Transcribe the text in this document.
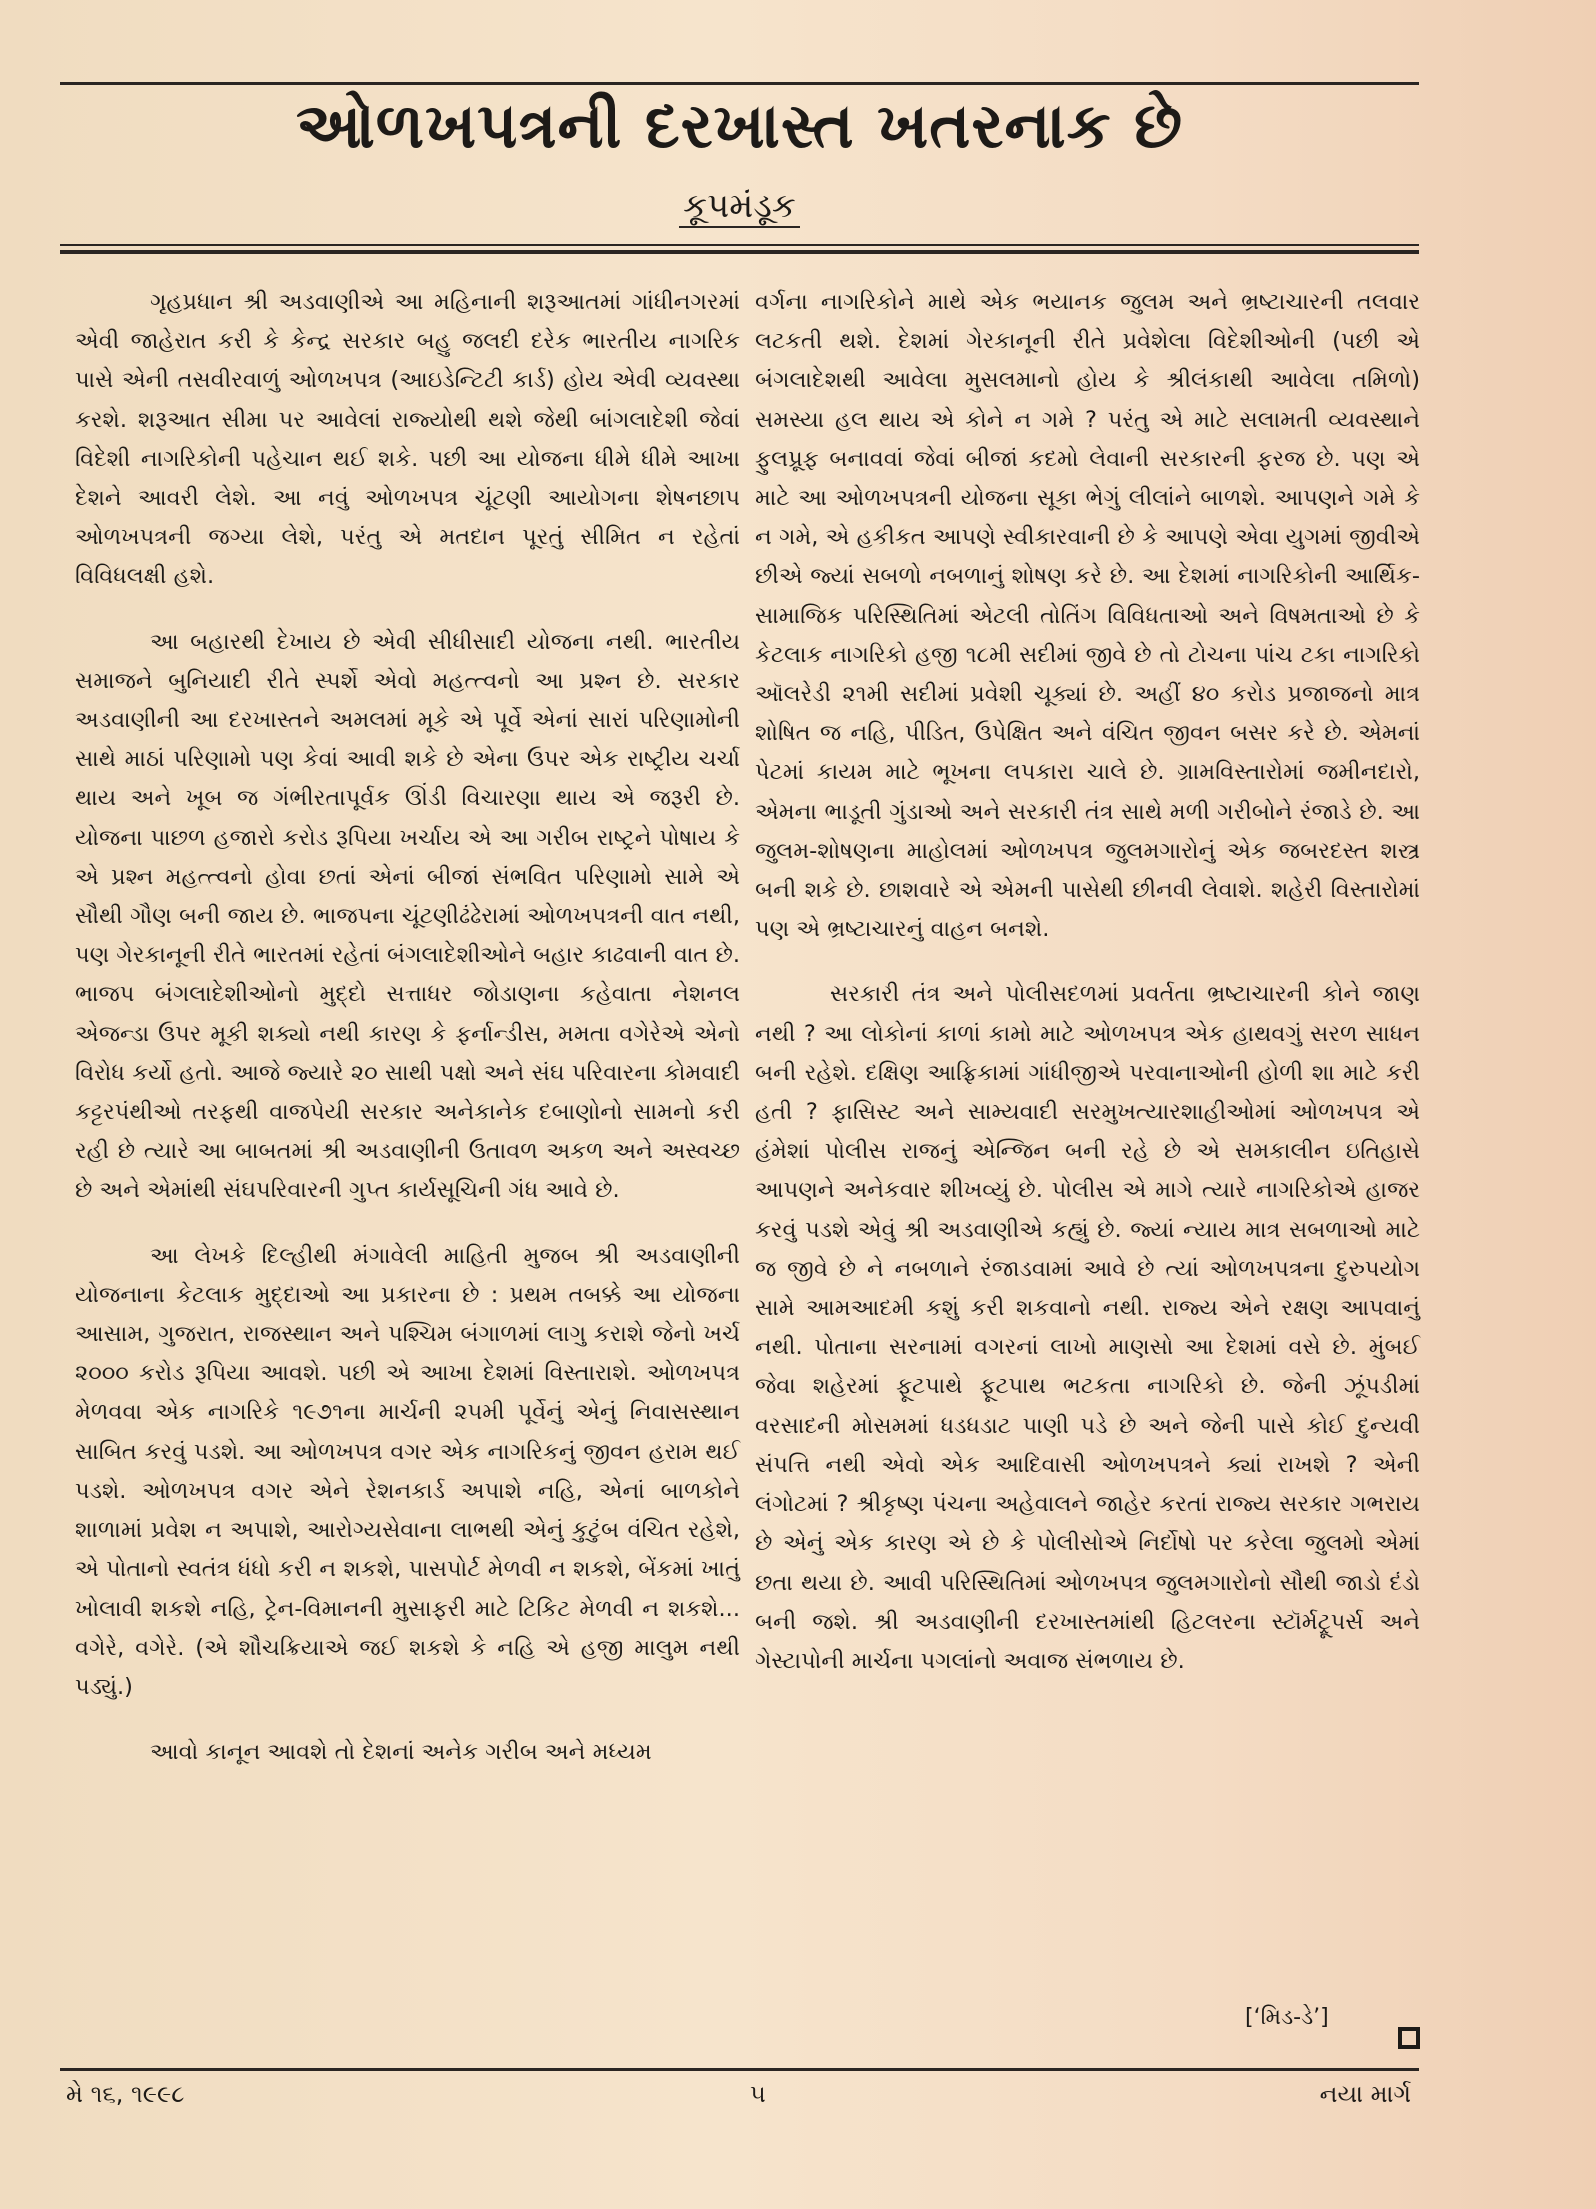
ઓળખપત્રની દરખાસ્ત ખતરનાક છે
કૂપમંડૂક

ગૃહપ્રધાન શ્રી અડવાણીએ આ મહિનાની શરૂઆતમાં ગાંધીનગરમાં એવી જાહેરાત કરી કે કેન્દ્ર સરકાર બહુ જલદી દરેક ભારતીય નાગરિક પાસે એની તસવીરવાળું ઓળખપત્ર (આઇડેન્ટિટી કાર્ડ) હોય એવી વ્યવસ્થા કરશે. શરૂઆત સીમા પર આવેલાં રાજ્યોથી થશે જેથી બાંગલાદેશી જેવાં વિદેશી નાગરિકોની પહેચાન થઈ શકે. પછી આ યોજના ધીમે ધીમે આખા દેશને આવરી લેશે. આ નવું ઓળખપત્ર ચૂંટણી આયોગના શેષનછાપ ઓળખપત્રની જગ્યા લેશે, પરંતુ એ મતદાન પૂરતું સીમિત ન રહેતાં વિવિધલક્ષી હશે.

આ બહારથી દેખાય છે એવી સીધીસાદી યોજના નથી. ભારતીય સમાજને બુનિયાદી રીતે સ્પર્શે એવો મહત્ત્વનો આ પ્રશ્ન છે. સરકાર અડવાણીની આ દરખાસ્તને અમલમાં મૂકે એ પૂર્વે એનાં સારાં પરિણામોની સાથે માઠાં પરિણામો પણ કેવાં આવી શકે છે એના ઉપર એક રાષ્ટ્રીય ચર્ચા થાય અને ખૂબ જ ગંભીરતાપૂર્વક ઊંડી વિચારણા થાય એ જરૂરી છે. યોજના પાછળ હજારો કરોડ રૂપિયા ખર્ચાય એ આ ગરીબ રાષ્ટ્રને પોષાય કે એ પ્રશ્ન મહત્ત્વનો હોવા છતાં એનાં બીજાં સંભવિત પરિણામો સામે એ સૌથી ગૌણ બની જાય છે. ભાજપના ચૂંટણીઢંઢેરામાં ઓળખપત્રની વાત નથી, પણ ગેરકાનૂની રીતે ભારતમાં રહેતાં બંગલાદેશીઓને બહાર કાઢવાની વાત છે. ભાજપ બંગલાદેશીઓનો મુદ્દો સત્તાધર જોડાણના કહેવાતા નેશનલ એજન્ડા ઉપર મૂકી શક્યો નથી કારણ કે ફર્નાન્ડીસ, મમતા વગેરેએ એનો વિરોધ કર્યો હતો. આજે જ્યારે ૨૦ સાથી પક્ષો અને સંઘ પરિવારના કોમવાદી કટ્ટરપંથીઓ તરફથી વાજપેયી સરકાર અનેકાનેક દબાણોનો સામનો કરી રહી છે ત્યારે આ બાબતમાં શ્રી અડવાણીની ઉતાવળ અકળ અને અસ્વચ્છ છે અને એમાંથી સંઘપરિવારની ગુપ્ત કાર્યસૂચિની ગંધ આવે છે.

આ લેખકે દિલ્હીથી મંગાવેલી માહિતી મુજબ શ્રી અડવાણીની યોજનાના કેટલાક મુદ્દાઓ આ પ્રકારના છે : પ્રથમ તબક્કે આ યોજના આસામ, ગુજરાત, રાજસ્થાન અને પશ્ચિમ બંગાળમાં લાગુ કરાશે જેનો ખર્ચ ૨૦૦૦ કરોડ રૂપિયા આવશે. પછી એ આખા દેશમાં વિસ્તારાશે. ઓળખપત્ર મેળવવા એક નાગરિકે ૧૯૭૧ના માર્ચની ૨૫મી પૂર્વેનું એનું નિવાસસ્થાન સાબિત કરવું પડશે. આ ઓળખપત્ર વગર એક નાગરિકનું જીવન હરામ થઈ પડશે. ઓળખપત્ર વગર એને રેશનકાર્ડ અપાશે નહિ, એનાં બાળકોને શાળામાં પ્રવેશ ન અપાશે, આરોગ્યસેવાના લાભથી એનું કુટુંબ વંચિત રહેશે, એ પોતાનો સ્વતંત્ર ધંધો કરી ન શકશે, પાસપોર્ટ મેળવી ન શકશે, બેંકમાં ખાતું ખોલાવી શકશે નહિ, ટ્રેન-વિમાનની મુસાફરી માટે ટિકિટ મેળવી ન શકશે... વગેરે, વગેરે. (એ શૌચક્રિયાએ જઈ શકશે કે નહિ એ હજી માલુમ નથી પડ્યું.)

આવો કાનૂન આવશે તો દેશનાં અનેક ગરીબ અને મધ્યમ

વર્ગના નાગરિકોને માથે એક ભયાનક જુલમ અને ભ્રષ્ટાચારની તલવાર લટકતી થશે. દેશમાં ગેરકાનૂની રીતે પ્રવેશેલા વિદેશીઓની (પછી એ બંગલાદેશથી આવેલા મુસલમાનો હોય કે શ્રીલંકાથી આવેલા તમિળો) સમસ્યા હલ થાય એ કોને ન ગમે ? પરંતુ એ માટે સલામતી વ્યવસ્થાને ફુલપ્રૂફ બનાવવાં જેવાં બીજાં કદમો લેવાની સરકારની ફરજ છે. પણ એ માટે આ ઓળખપત્રની યોજના સૂકા ભેગું લીલાંને બાળશે. આપણને ગમે કે ન ગમે, એ હકીકત આપણે સ્વીકારવાની છે કે આપણે એવા યુગમાં જીવીએ છીએ જ્યાં સબળો નબળાનું શોષણ કરે છે. આ દેશમાં નાગરિકોની આર્થિક-સામાજિક પરિસ્થિતિમાં એટલી તોતિંગ વિવિધતાઓ અને વિષમતાઓ છે કે કેટલાક નાગરિકો હજી ૧૮મી સદીમાં જીવે છે તો ટોચના પાંચ ટકા નાગરિકો ઑલરેડી ૨૧મી સદીમાં પ્રવેશી ચૂક્યાં છે. અહીં ૪૦ કરોડ પ્રજાજનો માત્ર શોષિત જ નહિ, પીડિત, ઉપેક્ષિત અને વંચિત જીવન બસર કરે છે. એમનાં પેટમાં કાયમ માટે ભૂખના લપકારા ચાલે છે. ગ્રામવિસ્તારોમાં જમીનદારો, એમના ભાડૂતી ગુંડાઓ અને સરકારી તંત્ર સાથે મળી ગરીબોને રંજાડે છે. આ જુલમ-શોષણના માહોલમાં ઓળખપત્ર જુલમગારોનું એક જબરદસ્ત શસ્ત્ર બની શકે છે. છાશવારે એ એમની પાસેથી છીનવી લેવાશે. શહેરી વિસ્તારોમાં પણ એ ભ્રષ્ટાચારનું વાહન બનશે.

સરકારી તંત્ર અને પોલીસદળમાં પ્રવર્તતા ભ્રષ્ટાચારની કોને જાણ નથી ? આ લોકોનાં કાળાં કામો માટે ઓળખપત્ર એક હાથવગું સરળ સાધન બની રહેશે. દક્ષિણ આફ્રિકામાં ગાંધીજીએ પરવાનાઓની હોળી શા માટે કરી હતી ? ફાસિસ્ટ અને સામ્યવાદી સરમુખત્યારશાહીઓમાં ઓળખપત્ર એ હંમેશાં પોલીસ રાજનું એન્જિન બની રહે છે એ સમકાલીન ઇતિહાસે આપણને અનેકવાર શીખવ્યું છે. પોલીસ એ માગે ત્યારે નાગરિકોએ હાજર કરવું પડશે એવું શ્રી અડવાણીએ કહ્યું છે. જ્યાં ન્યાય માત્ર સબળાઓ માટે જ જીવે છે ને નબળાને રંજાડવામાં આવે છે ત્યાં ઓળખપત્રના દુરુપયોગ સામે આમઆદમી કશું કરી શકવાનો નથી. રાજ્ય એને રક્ષણ આપવાનું નથી. પોતાના સરનામાં વગરનાં લાખો માણસો આ દેશમાં વસે છે. મુંબઈ જેવા શહેરમાં ફૂટપાથે ફૂટપાથ ભટકતા નાગરિકો છે. જેની ઝૂંપડીમાં વરસાદની મોસમમાં ધડધડાટ પાણી પડે છે અને જેની પાસે કોઈ દુન્યવી સંપત્તિ નથી એવો એક આદિવાસી ઓળખપત્રને ક્યાં રાખશે ? એની લંગોટમાં ? શ્રીકૃષ્ણ પંચના અહેવાલને જાહેર કરતાં રાજ્ય સરકાર ગભરાય છે એનું એક કારણ એ છે કે પોલીસોએ નિર્દોષો પર કરેલા જુલમો એમાં છતા થયા છે. આવી પરિસ્થિતિમાં ઓળખપત્ર જુલમગારોનો સૌથી જાડો દંડો બની જશે. શ્રી અડવાણીની દરખાસ્તમાંથી હિટલરના સ્ટૉર્મટ્રૂપર્સ અને ગેસ્ટાપોની માર્ચના પગલાંનો અવાજ સંભળાય છે.

[‘મિડ-ડે’]
મે ૧૬, ૧૯૯૮	૫	નયા માર્ગ
